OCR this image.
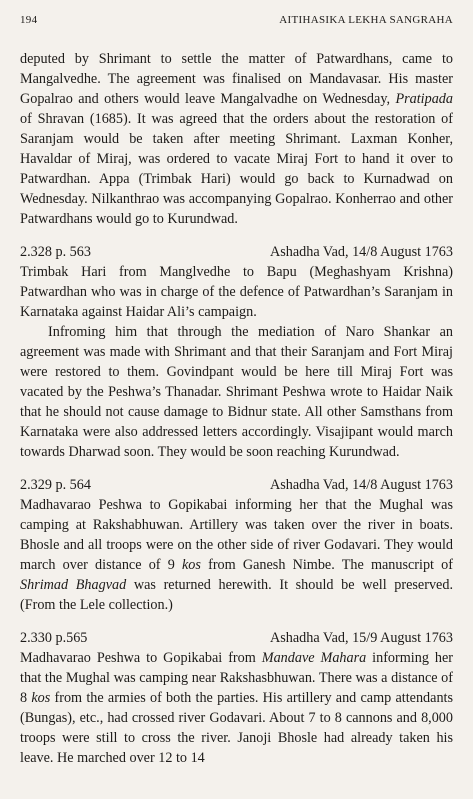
194	AITIHASIKA LEKHA SANGRAHA

deputed by Shrimant to settle the matter of Patwardhans, came to Mangalvedhe. The agreement was finalised on Mandavasar. His master Gopalrao and others would leave Mangalvadhe on Wednesday, Pratipada of Shravan (1685). It was agreed that the orders about the restoration of Saranjam would be taken after meeting Shrimant. Laxman Konher, Havaldar of Miraj, was ordered to vacate Miraj Fort to hand it over to Patwardhan. Appa (Trimbak Hari) would go back to Kurnadwad on Wednesday. Nilkanthrao was accompanying Gopalrao. Konherrao and other Patwardhans would go to Kurundwad.

2.328 p. 563	Ashadha Vad, 14/8 August 1763

Trimbak Hari from Manglvedhe to Bapu (Meghashyam Krishna) Patwardhan who was in charge of the defence of Patwardhan’s Saranjam in Karnataka against Haidar Ali’s campaign.

Infroming him that through the mediation of Naro Shankar an agreement was made with Shrimant and that their Saranjam and Fort Miraj were restored to them. Govindpant would be here till Miraj Fort was vacated by the Peshwa’s Thanadar. Shrimant Peshwa wrote to Haidar Naik that he should not cause damage to Bidnur state. All other Samsthans from Karnataka were also addressed letters accordingly. Visajipant would march towards Dharwad soon. They would be soon reaching Kurundwad.

2.329 p. 564	Ashadha Vad, 14/8 August 1763

Madhavarao Peshwa to Gopikabai informing her that the Mughal was camping at Rakshabhuwan. Artillery was taken over the river in boats. Bhosle and all troops were on the other side of river Godavari. They would march over distance of 9 kos from Ganesh Nimbe. The manuscript of Shrimad Bhagvad was returned herewith. It should be well preserved. (From the Lele collection.)

2.330 p.565	Ashadha Vad, 15/9 August 1763

Madhavarao Peshwa to Gopikabai from Mandave Mahara informing her that the Mughal was camping near Rakshasbhuwan. There was a distance of 8 kos from the armies of both the parties. His artillery and camp attendants (Bungas), etc., had crossed river Godavari. About 7 to 8 cannons and 8,000 troops were still to cross the river. Janoji Bhosle had already taken his leave. He marched over 12 to 14
